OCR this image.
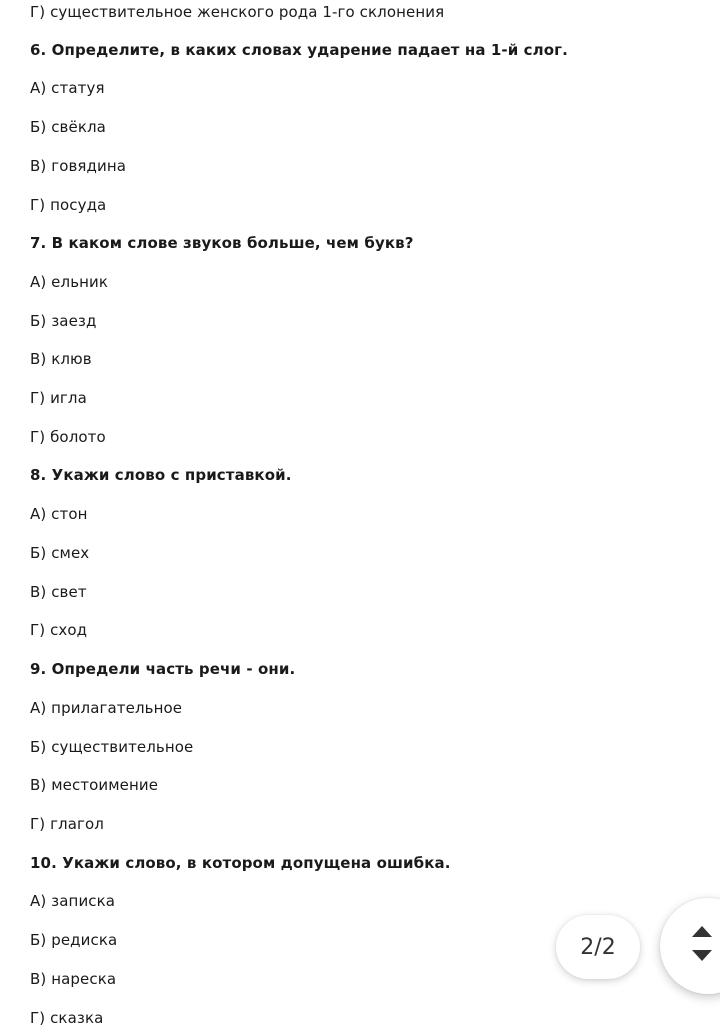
Г) существительное женского рода 1-го склонения
6. Определите, в каких словах ударение падает на 1-й слог.
А) статуя
Б) свёкла
В) говядина
Г) посуда
7. В каком слове звуков больше, чем букв?
А) ельник
Б) заезд
В) клюв
Г) игла
Г) болото
8. Укажи слово с приставкой.
А) стон
Б) смех
В) свет
Г) сход
9. Определи часть речи - они.
А) прилагательное
Б) существительное
В) местоимение
Г) глагол
10. Укажи слово, в котором допущена ошибка.
А) записка
Б) редиска
В) нареска
Г) сказка
2/2
